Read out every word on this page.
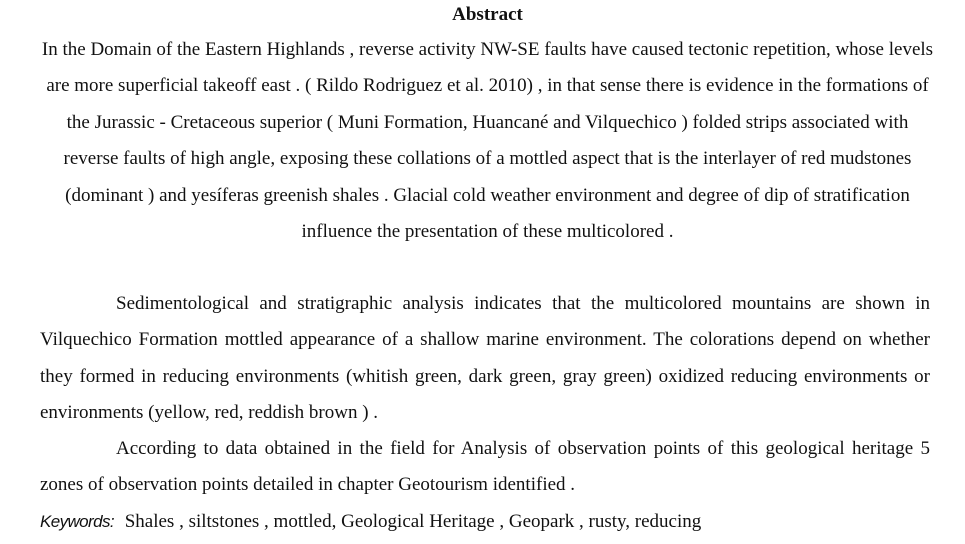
Abstract

In the Domain of the Eastern Highlands , reverse activity NW-SE faults have caused tectonic repetition, whose levels are more superficial takeoff east . ( Rildo Rodriguez et al. 2010) , in that sense there is evidence in the formations of the Jurassic - Cretaceous superior ( Muni Formation, Huancané and Vilquechico ) folded strips associated with reverse faults of high angle, exposing these collations of a mottled aspect that is the interlayer of red mudstones (dominant ) and yesíferas greenish shales . Glacial cold weather environment and degree of dip of stratification influence the presentation of these multicolored .

Sedimentological and stratigraphic analysis indicates that the multicolored mountains are shown in Vilquechico Formation mottled appearance of a shallow marine environment. The colorations depend on whether they formed in reducing environments (whitish green, dark green, gray green) oxidized reducing environments or environments (yellow, red, reddish brown ) .

According to data obtained in the field for Analysis of observation points of this geological heritage 5 zones of observation points detailed in chapter Geotourism identified .

Keywords: Shales , siltstones , mottled, Geological Heritage , Geopark , rusty, reducing
